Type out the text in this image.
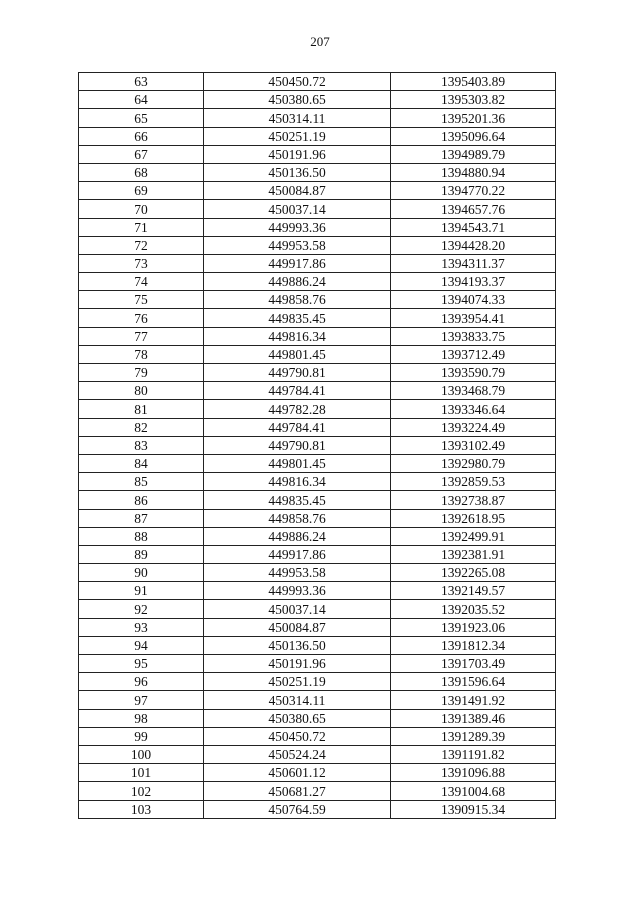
207
63	450450.72	1395403.89
64	450380.65	1395303.82
65	450314.11	1395201.36
66	450251.19	1395096.64
67	450191.96	1394989.79
68	450136.50	1394880.94
69	450084.87	1394770.22
70	450037.14	1394657.76
71	449993.36	1394543.71
72	449953.58	1394428.20
73	449917.86	1394311.37
74	449886.24	1394193.37
75	449858.76	1394074.33
76	449835.45	1393954.41
77	449816.34	1393833.75
78	449801.45	1393712.49
79	449790.81	1393590.79
80	449784.41	1393468.79
81	449782.28	1393346.64
82	449784.41	1393224.49
83	449790.81	1393102.49
84	449801.45	1392980.79
85	449816.34	1392859.53
86	449835.45	1392738.87
87	449858.76	1392618.95
88	449886.24	1392499.91
89	449917.86	1392381.91
90	449953.58	1392265.08
91	449993.36	1392149.57
92	450037.14	1392035.52
93	450084.87	1391923.06
94	450136.50	1391812.34
95	450191.96	1391703.49
96	450251.19	1391596.64
97	450314.11	1391491.92
98	450380.65	1391389.46
99	450450.72	1391289.39
100	450524.24	1391191.82
101	450601.12	1391096.88
102	450681.27	1391004.68
103	450764.59	1390915.34
